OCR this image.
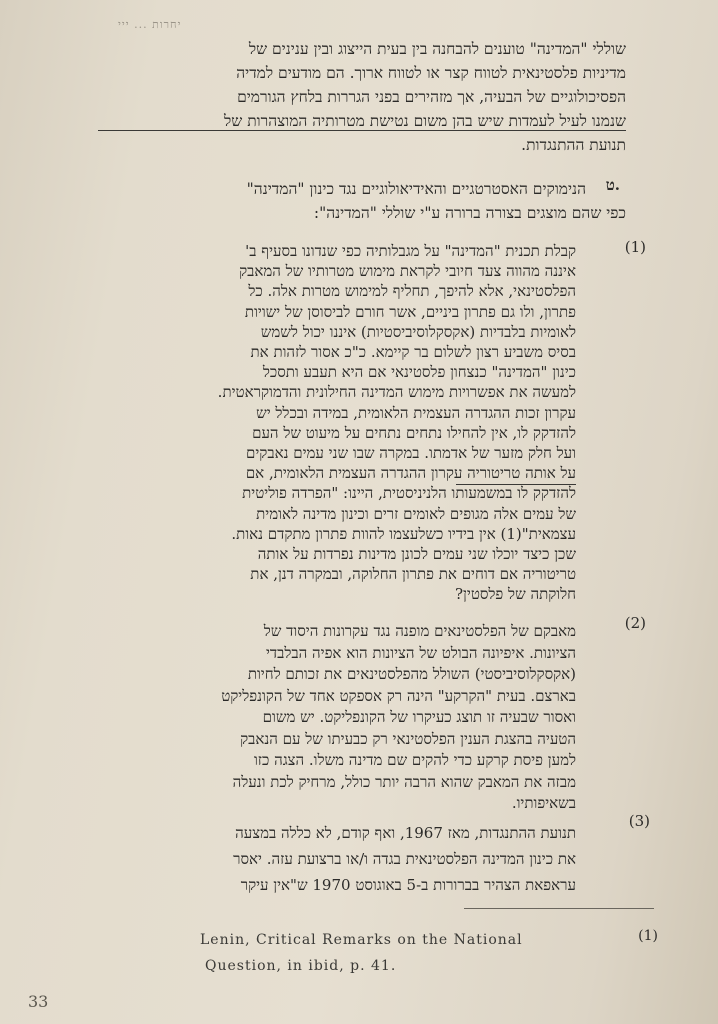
יחרות ... ייי
שוללי "המדינה" טוענים להבחנה בין בעית הייצוג ובין ענינים של
מדיניות פלסטינאית לטווח קצר או לטווח ארוך. הם מודעים למדיה
הפסיכולוגיים של הבעיה, אך מזהירים בפני הגררות בלחץ הגורמים
שנמנו לעיל לעמדות שיש בהן משום נטישת מטרותיה המוצהרות של
תנועת ההתנגדות.
ט.
הנימוקים האסטרטגיים והאידיאולוגיים נגד כינון "המדינה"
כפי שהם מוצגים בצורה ברורה ע"י שוללי "המדינה":
(1)
קבלת תכנית "המדינה" על מגבלותיה כפי שנדונו בסעיף ב'
איננה מהווה צעד חיובי לקראת מימוש מטרותיו של המאבק
הפלסטינאי, אלא להיפך, תחליף למימוש מטרות אלה. כל
פתרון, ולו גם פתרון ביניים, אשר חורם לביסוסן של ישויות
לאומיות בלבדיות (אקסקלוסיביסטיות) איננו יכול לשמש
בסיס משביע רצון לשלום בר קיימא. כ"כ אסור לזהות את
כינון "המדינה" כנצחון פלסטינאי אם היא תעבע ותסכל
למעשה את אפשרויות מימוש המדינה החילונית והדמוקראטית.
עקרון זכות ההגדרה העצמית הלאומית, במידה ובכלל יש
להזדקק לו, אין להחילו נתחים נתחים על מיעוט של העם
ועל חלק מזער של אדמתו. במקרה שבו שני עמים נאבקים
על אותה טריטוריה עקרון ההגדרה העצמית הלאומית, אם
להזדקק לו במשמעותו הלניניסטית, היינו: "הפרדה פוליטית
של עמים אלה מגופים לאומים זרים וכינון מדינה לאומית
עצמאית"(1) אין בידיו כשלעצמו להוות פתרון מתקדם נאות.
שכן כיצד יוכלו שני עמים לכונן מדינות נפרדות על אותה
טריטוריה אם דוחים את פתרון החלוקה, ובמקרה דנן, את
חלוקתה של פלסטין?
(2)
מאבקם של הפלסטינאים מופנה נגד עקרונות היסוד של
הציונות. איפיונה הבולט של הציונות הוא אפיה הבלבדי
(אקסקלוסיביסטי) השולל מהפלסטינאים את זכותם לחיות
בארצם. בעית "הקרקע" הינה רק אספקט אחד של הקונפליקט
ואסור שבעיה זו תוצג כעיקרו של הקונפליקט. יש משום
הטעיה בהצגת הענין הפלסטינאי רק כבעיתו של עם הנאבק
למען פיסת קרקע כדי להקים שם מדינה משלו. הצגה כזו
מבזה את המאבק שהוא הרבה יותר כולל, מרחיק לכת ונעלה
בשאיפותיו.
(3)
תנועת ההתנגדות, מאז 1967, ואף קודם, לא כללה במצעה
את כינון המדינה הפלסטינאית בגדה ו/או ברצועת עזה. יאסר
עראפאת הצהיר בברורות ב-5 באוגוסט 1970 ש"אין עיקר
(1)
Lenin, Critical Remarks on the National
33
Question, in ibid, p. 41.
